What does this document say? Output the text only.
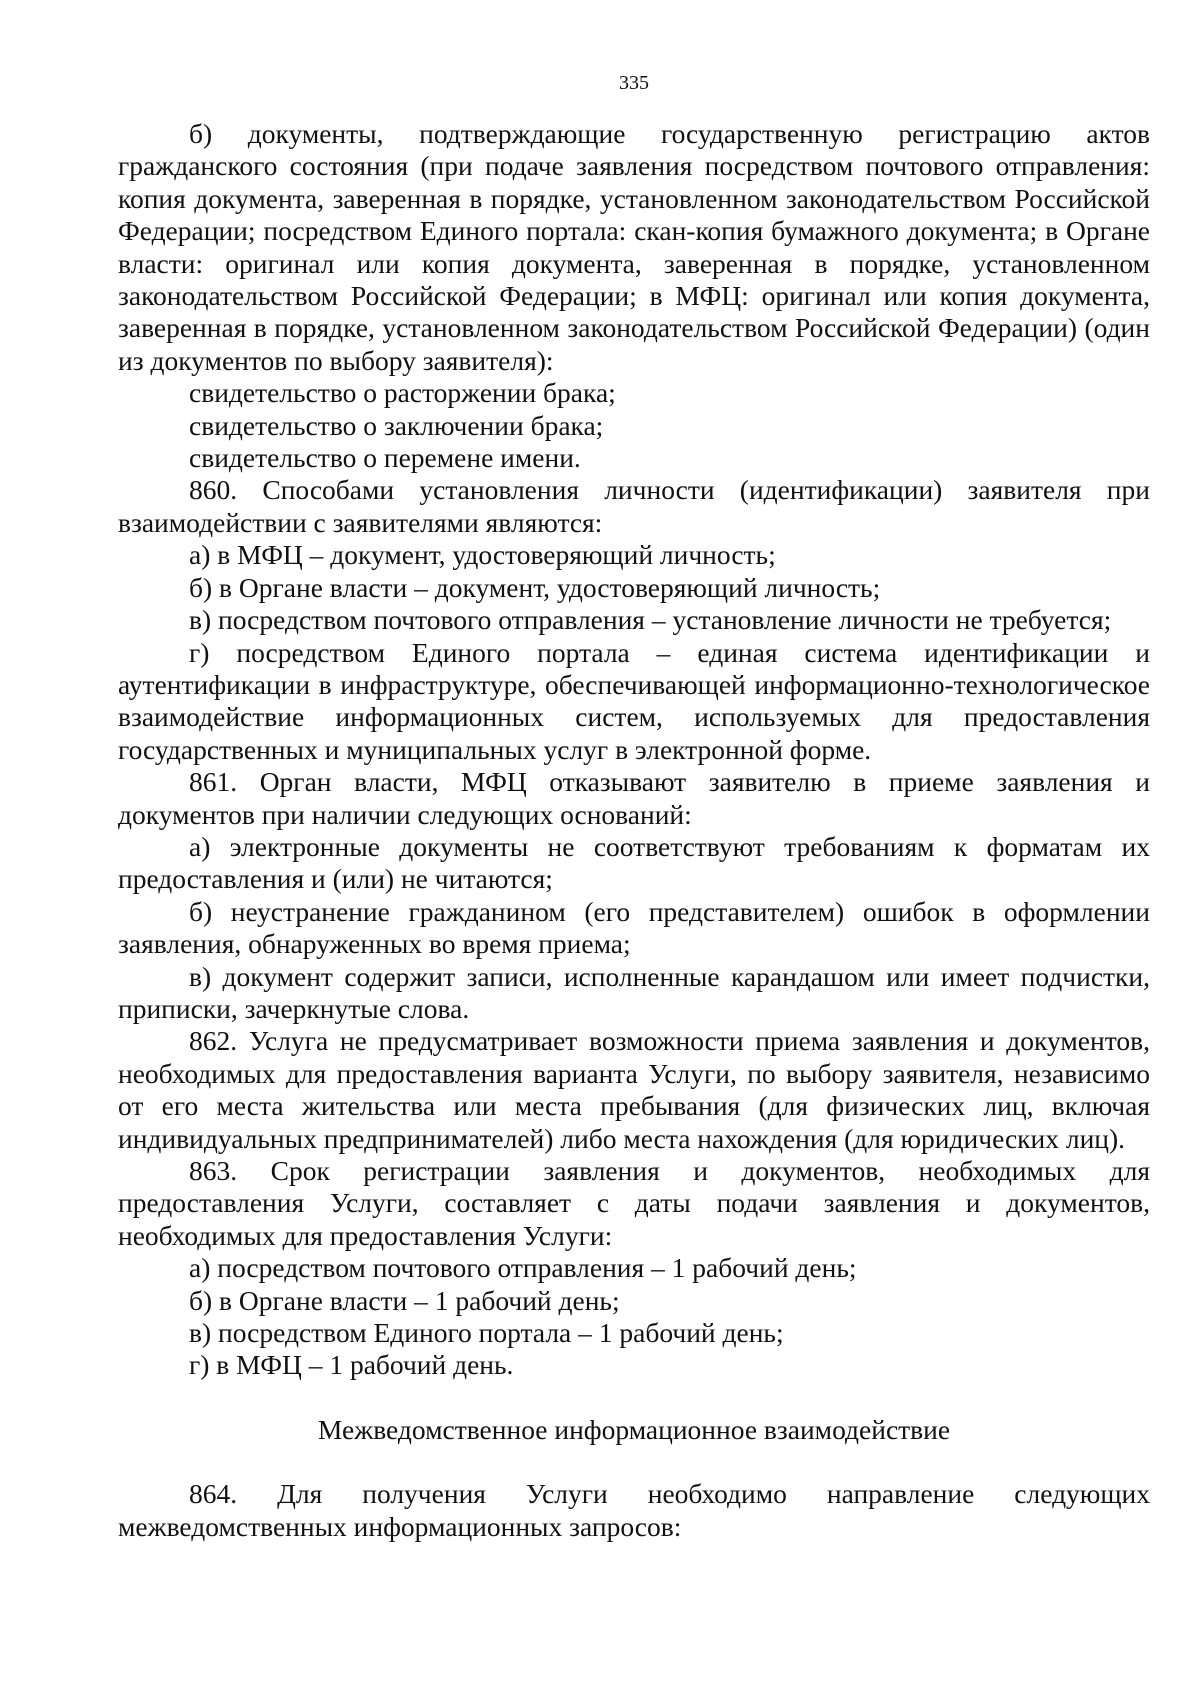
335

б) документы, подтверждающие государственную регистрацию актов гражданского состояния (при подаче заявления посредством почтового отправления: копия документа, заверенная в порядке, установленном законодательством Российской Федерации; посредством Единого портала: скан-копия бумажного документа; в Органе власти: оригинал или копия документа, заверенная в порядке, установленном законодательством Российской Федерации; в МФЦ: оригинал или копия документа, заверенная в порядке, установленном законодательством Российской Федерации) (один из документов по выбору заявителя):

свидетельство о расторжении брака;

свидетельство о заключении брака;

свидетельство о перемене имени.

860. Способами установления личности (идентификации) заявителя при взаимодействии с заявителями являются:

а) в МФЦ – документ, удостоверяющий личность;

б) в Органе власти – документ, удостоверяющий личность;

в) посредством почтового отправления – установление личности не требуется;

г) посредством Единого портала – единая система идентификации и аутентификации в инфраструктуре, обеспечивающей информационно-технологическое взаимодействие информационных систем, используемых для предоставления государственных и муниципальных услуг в электронной форме.

861. Орган власти, МФЦ отказывают заявителю в приеме заявления и документов при наличии следующих оснований:

а) электронные документы не соответствуют требованиям к форматам их предоставления и (или) не читаются;

б) неустранение гражданином (его представителем) ошибок в оформлении заявления, обнаруженных во время приема;

в) документ содержит записи, исполненные карандашом или имеет подчистки, приписки, зачеркнутые слова.

862. Услуга не предусматривает возможности приема заявления и документов, необходимых для предоставления варианта Услуги, по выбору заявителя, независимо от его места жительства или места пребывания (для физических лиц, включая индивидуальных предпринимателей) либо места нахождения (для юридических лиц).

863. Срок регистрации заявления и документов, необходимых для предоставления Услуги, составляет с даты подачи заявления и документов, необходимых для предоставления Услуги:

а) посредством почтового отправления – 1 рабочий день;

б) в Органе власти – 1 рабочий день;

в) посредством Единого портала – 1 рабочий день;

г) в МФЦ – 1 рабочий день.

Межведомственное информационное взаимодействие

864. Для получения Услуги необходимо направление следующих межведомственных информационных запросов:
